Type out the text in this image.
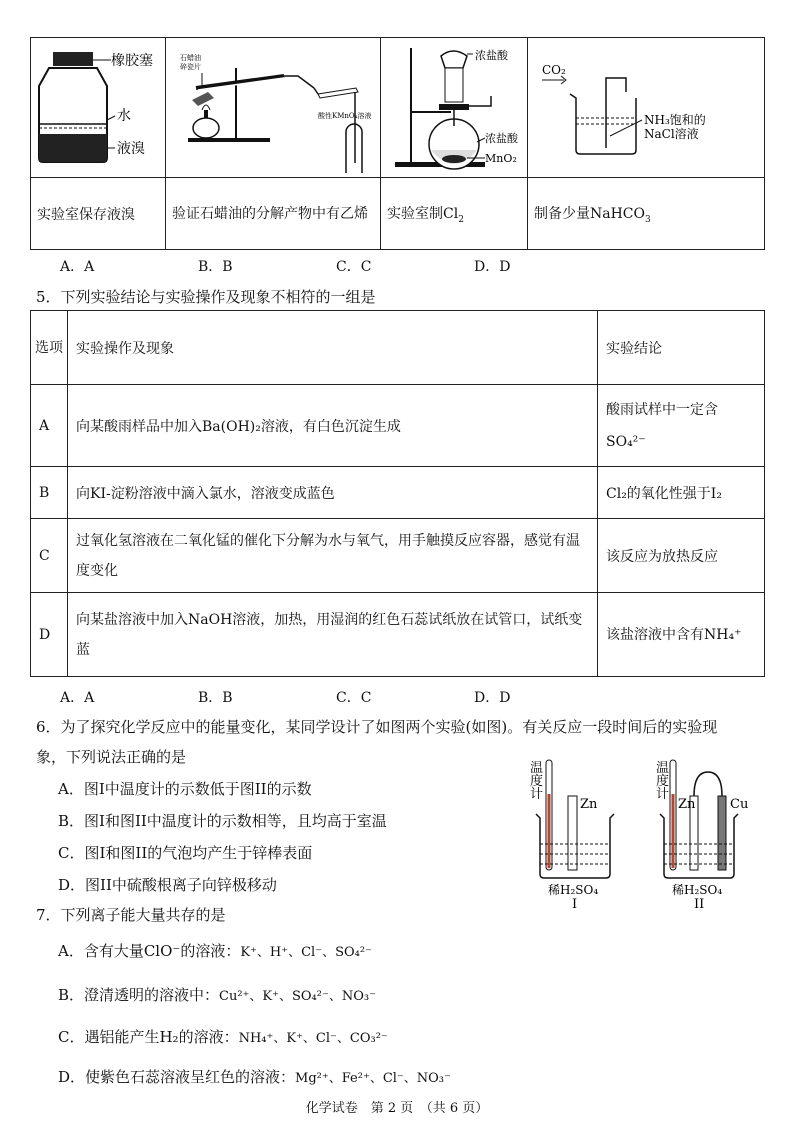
橡胶塞
水
液溴	石蜡油
碎瓷片
酸性KMnO₄溶液	浓盐酸
浓盐酸
MnO₂	CO₂
NH₃饱和的
NaCl溶液

实验室保存液溴	验证石蜡油的分解产物中有乙烯	实验室制$Cl_2$	制备少量NaHCO$_3$
A．A	B．B	C．C	D．D
5．下列实验结论与实验操作及现象不相符的一组是
选项	实验操作及现象	实验结论
A	向某酸雨样品中加入Ba(OH)₂溶液，有白色沉淀生成	酸雨试样中一定含SO₄²⁻
B	向KI-淀粉溶液中滴入氯水，溶液变成蓝色	Cl₂的氧化性强于I₂
C	过氧化氢溶液在二氧化锰的催化下分解为水与氧气，用手触摸反应容器，感觉有温度变化	该反应为放热反应
D	向某盐溶液中加入NaOH溶液，加热，用湿润的红色石蕊试纸放在试管口，试纸变蓝	该盐溶液中含有NH₄⁺
A．A	B．B	C．C	D．D
6．为了探究化学反应中的能量变化，某同学设计了如图两个实验(如图)。有关反应一段时间后的实验现
象，下列说法正确的是
A．图I中温度计的示数低于图II的示数
B．图I和图II中温度计的示数相等，且均高于室温
C．图I和图II的气泡均产生于锌棒表面
D．图II中硫酸根离子向锌极移动
温
度
计
Zn
稀H₂SO₄
I
温
度
计
Zn	Cu
稀H₂SO₄
II
7．下列离子能大量共存的是
A．含有大量ClO⁻的溶液：K⁺、H⁺、Cl⁻、SO₄²⁻
B．澄清透明的溶液中：Cu²⁺、K⁺、SO₄²⁻、NO₃⁻
C．遇铝能产生H₂的溶液：NH₄⁺、K⁺、Cl⁻、CO₃²⁻
D．使紫色石蕊溶液呈红色的溶液：Mg²⁺、Fe²⁺、Cl⁻、NO₃⁻
化学试卷　第 2 页　（共 6 页）
